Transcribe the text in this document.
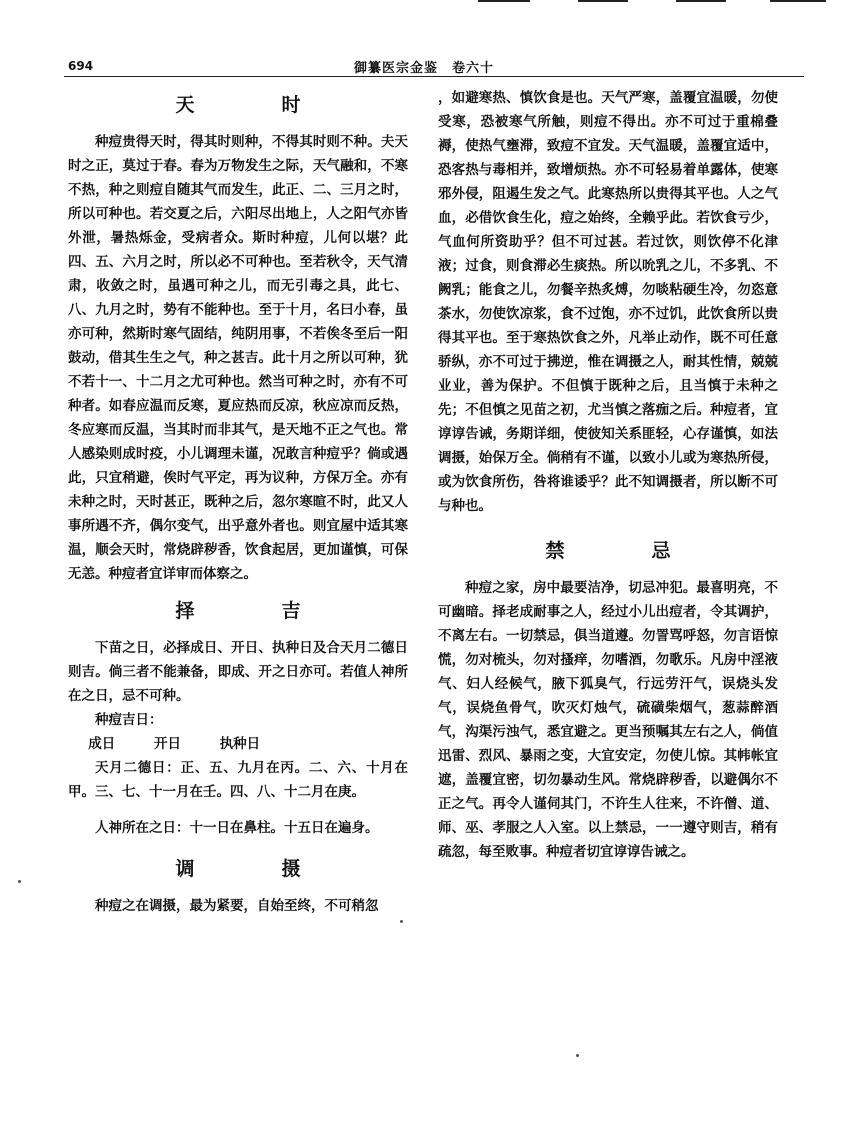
694	御纂医宗金鉴　卷六十
天　时

种痘贵得天时，得其时则种，不得其时则不种。夫天时之正，莫过于春。春为万物发生之际，天气融和，不寒不热，种之则痘自随其气而发生，此正、二、三月之时，所以可种也。若交夏之后，六阳尽出地上，人之阳气亦皆外泄，暑热烁金，受病者众。斯时种痘，儿何以堪？此四、五、六月之时，所以必不可种也。至若秋令，天气清肃，收敛之时，虽遇可种之儿，而无引毒之具，此七、八、九月之时，势有不能种也。至于十月，名曰小春，虽亦可种，然斯时寒气固结，纯阴用事，不若俟冬至后一阳鼓动，借其生生之气，种之甚吉。此十月之所以可种，犹不若十一、十二月之尤可种也。然当可种之时，亦有不可种者。如春应温而反寒，夏应热而反凉，秋应凉而反热，冬应寒而反温，当其时而非其气，是天地不正之气也。常人感染则成时疫，小儿调理未谨，况敢言种痘乎？倘或遇此，只宜稍避，俟时气平定，再为议种，方保万全。亦有未种之时，天时甚正，既种之后，忽尔寒暄不时，此又人事所遇不齐，偶尔变气，出乎意外者也。则宜屋中适其寒温，顺会天时，常烧辟秽香，饮食起居，更加谨慎，可保无恙。种痘者宜详审而体察之。

择　吉

下苗之日，必择成日、开日、执种日及合天月二德日则吉。倘三者不能兼备，即成、开之日亦可。若值人神所在之日，忌不可种。

种痘吉日：

成日	开日	执种日

天月二德日：正、五、九月在丙。二、六、十月在甲。三、七、十一月在壬。四、八、十二月在庚。

人神所在之日：十一日在鼻柱。十五日在遍身。

调　摄

种痘之在调摄，最为紧要，自始至终，不可稍忽

，如避寒热、慎饮食是也。天气严寒，盖覆宜温暖，勿使受寒，恐被寒气所触，则痘不得出。亦不可过于重棉叠褥，使热气壅滞，致痘不宜发。天气温暖，盖覆宜适中，恐客热与毒相并，致增烦热。亦不可轻易着单露体，使寒邪外侵，阻遏生发之气。此寒热所以贵得其平也。人之气血，必借饮食生化，痘之始终，全赖乎此。若饮食亏少，气血何所资助乎？但不可过甚。若过饮，则饮停不化津液；过食，则食滞必生痰热。所以吮乳之儿，不多乳、不阙乳；能食之儿，勿餐辛热炙煿，勿啖粘硬生冷，勿恣意茶水，勿使饮凉浆，食不过饱，亦不过饥，此饮食所以贵得其平也。至于寒热饮食之外，凡举止动作，既不可任意骄纵，亦不可过于拂逆，惟在调摄之人，耐其性情，兢兢业业，善为保护。不但慎于既种之后，且当慎于未种之先；不但慎之见苗之初，尤当慎之落痂之后。种痘者，宜谆谆告诫，务期详细，使彼知关系匪轻，心存谨慎，如法调摄，始保万全。倘稍有不谨，以致小儿或为寒热所侵，或为饮食所伤，咎将谁诿乎？此不知调摄者，所以断不可与种也。

禁　忌

种痘之家，房中最要洁净，切忌冲犯。最喜明亮，不可幽暗。择老成耐事之人，经过小儿出痘者，令其调护，不离左右。一切禁忌，俱当道遵。勿詈骂呼怒，勿言语惊慌，勿对梳头，勿对搔痒，勿嗜酒，勿歌乐。凡房中淫液气、妇人经候气，腋下狐臭气，行远劳汗气，误烧头发气，误烧鱼骨气，吹灭灯烛气，硫磺柴烟气，葱蒜醉酒气，沟渠污浊气，悉宜避之。更当预嘱其左右之人，倘值迅雷、烈风、暴雨之变，大宜安定，勿使儿惊。其帏帐宜遮，盖覆宜密，切勿暴动生风。常烧辟秽香，以避偶尔不正之气。再令人谨伺其门，不许生人往来，不许僧、道、师、巫、孝服之人入室。以上禁忌，一一遵守则吉，稍有疏忽，每至败事。种痘者切宜谆谆告诫之。
